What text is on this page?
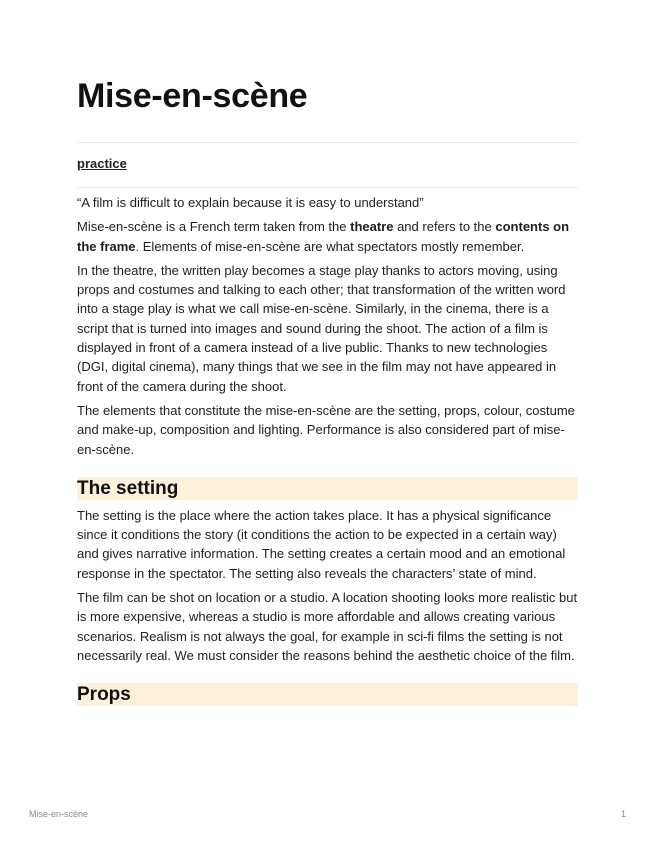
Mise-en-scène
practice

“A film is difficult to explain because it is easy to understand”

Mise-en-scène is a French term taken from the theatre and refers to the contents on the frame. Elements of mise-en-scène are what spectators mostly remember.

In the theatre, the written play becomes a stage play thanks to actors moving, using props and costumes and talking to each other; that transformation of the written word into a stage play is what we call mise-en-scène. Similarly, in the cinema, there is a script that is turned into images and sound during the shoot. The action of a film is displayed in front of a camera instead of a live public. Thanks to new technologies (DGI, digital cinema), many things that we see in the film may not have appeared in front of the camera during the shoot.

The elements that constitute the mise-en-scène are the setting, props, colour, costume and make-up, composition and lighting. Performance is also considered part of mise-en-scène.

The setting

The setting is the place where the action takes place. It has a physical significance since it conditions the story (it conditions the action to be expected in a certain way) and gives narrative information. The setting creates a certain mood and an emotional response in the spectator. The setting also reveals the characters’ state of mind.

The film can be shot on location or a studio. A location shooting looks more realistic but is more expensive, whereas a studio is more affordable and allows creating various scenarios. Realism is not always the goal, for example in sci-fi films the setting is not necessarily real. We must consider the reasons behind the aesthetic choice of the film.

Props
Mise-en-scène	1
